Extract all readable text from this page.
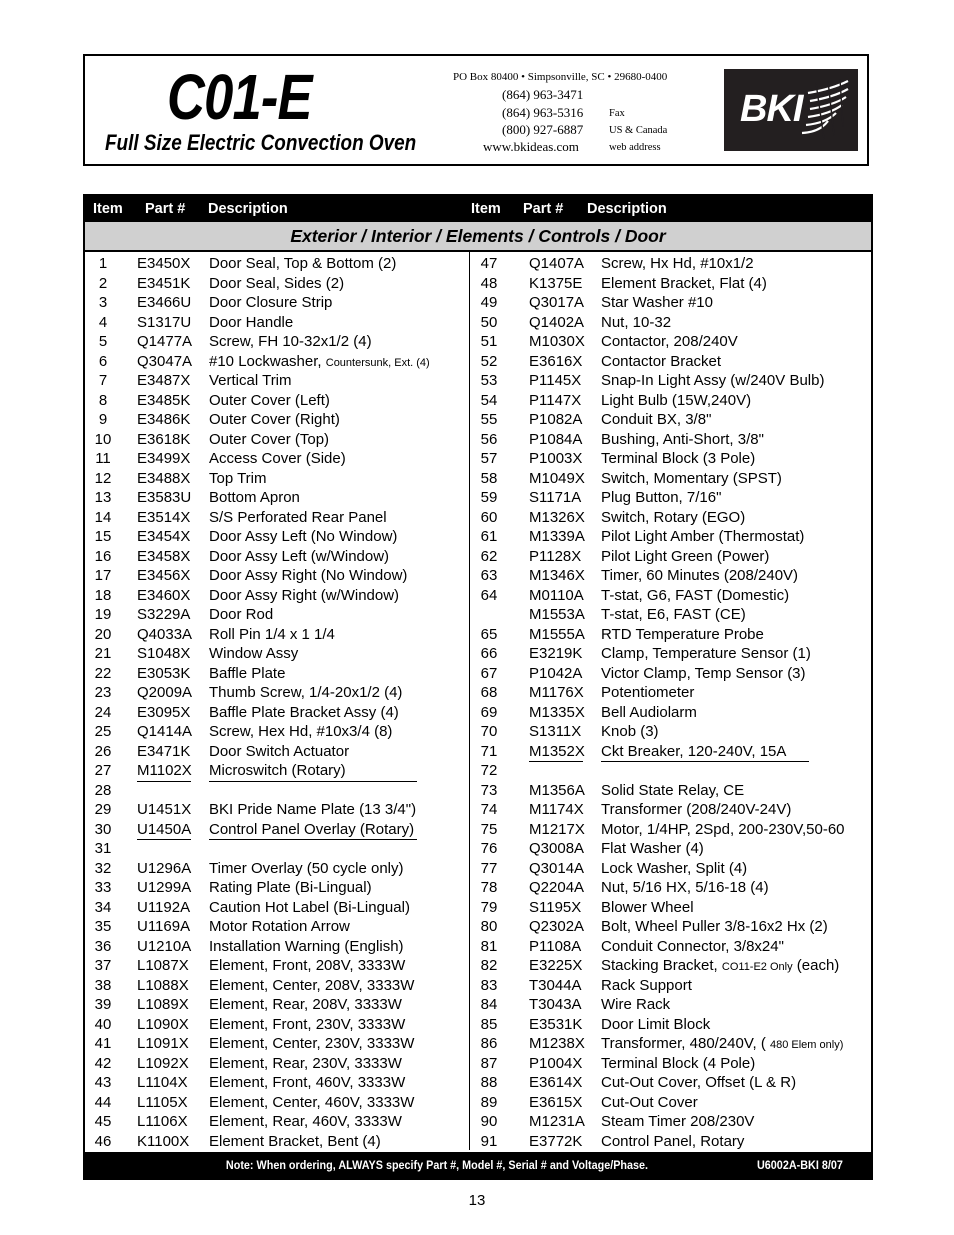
C01-E
Full Size Electric Convection Oven
PO Box 80400 • Simpsonville, SC • 29680-0400
(864) 963-3471
(864) 963-5316 Fax
(800) 927-6887 US & Canada
www.bkideas.com	web address
BKI
Item Part # Description	Item Part # Description
Exterior / Interior / Elements / Controls / Door
1	E3450X Door Seal, Top & Bottom (2)
2	E3451K Door Seal, Sides (2)
3	E3466U Door Closure Strip
4	S1317U Door Handle
5	Q1477A Screw, FH 10-32x1/2 (4)
6	Q3047A #10 Lockwasher, Countersunk, Ext. (4)
7	E3487X Vertical Trim
8	E3485K Outer Cover (Left)
9	E3486K Outer Cover (Right)
10	E3618K Outer Cover (Top)
11	E3499X Access Cover (Side)
12	E3488X Top Trim
13	E3583U Bottom Apron
14	E3514X S/S Perforated Rear Panel
15	E3454X Door Assy Left (No Window)
16	E3458X Door Assy Left (w/Window)
17	E3456X Door Assy Right (No Window)
18	E3460X Door Assy Right (w/Window)
19	S3229A Door Rod
20	Q4033A Roll Pin 1/4 x 1 1/4
21	S1048X Window Assy
22	E3053K Baffle Plate
23	Q2009A Thumb Screw, 1/4-20x1/2 (4)
24	E3095X Baffle Plate Bracket Assy (4)
25	Q1414A Screw, Hex Hd, #10x3/4 (8)
26	E3471K Door Switch Actuator
27	M1102X Microswitch (Rotary)
28
29	U1451X BKI Pride Name Plate (13 3/4")
30	U1450A Control Panel Overlay (Rotary)
31
32	U1296A Timer Overlay (50 cycle only)
33	U1299A Rating Plate (Bi-Lingual)
34	U1192A Caution Hot Label (Bi-Lingual)
35	U1169A Motor Rotation Arrow
36	U1210A Installation Warning (English)
37	L1087X Element, Front, 208V, 3333W
38	L1088X Element, Center, 208V, 3333W
39	L1089X Element, Rear, 208V, 3333W
40	L1090X Element, Front, 230V, 3333W
41	L1091X Element, Center, 230V, 3333W
42	L1092X Element, Rear, 230V, 3333W
43	L1104X Element, Front, 460V, 3333W
44	L1105X Element, Center, 460V, 3333W
45	L1106X Element, Rear, 460V, 3333W
46	K1100X Element Bracket, Bent (4)
47	Q1407A Screw, Hx Hd, #10x1/2
48	K1375E Element Bracket, Flat (4)
49	Q3017A Star Washer #10
50	Q1402A Nut, 10-32
51	M1030X Contactor, 208/240V
52	E3616X Contactor Bracket
53	P1145X Snap-In Light Assy (w/240V Bulb)
54	P1147X Light Bulb (15W,240V)
55	P1082A Conduit BX, 3/8"
56	P1084A Bushing, Anti-Short, 3/8"
57	P1003X Terminal Block (3 Pole)
58	M1049X Switch, Momentary (SPST)
59	S1171A Plug Button, 7/16"
60	M1326X Switch, Rotary (EGO)
61	M1339A Pilot Light Amber (Thermostat)
62	P1128X Pilot Light Green (Power)
63	M1346X Timer, 60 Minutes (208/240V)
64	M0110A T-stat, G6, FAST (Domestic)
M1553A T-stat, E6, FAST (CE)
65	M1555A RTD Temperature Probe
66	E3219K Clamp, Temperature Sensor (1)
67	P1042A Victor Clamp, Temp Sensor (3)
68	M1176X Potentiometer
69	M1335X Bell Audiolarm
70	S1311X Knob (3)
71	M1352X Ckt Breaker, 120-240V, 15A
72
73	M1356A Solid State Relay, CE
74	M1174X Transformer (208/240V-24V)
75	M1217X Motor, 1/4HP, 2Spd, 200-230V,50-60
76	Q3008A Flat Washer (4)
77	Q3014A Lock Washer, Split (4)
78	Q2204A Nut, 5/16 HX, 5/16-18 (4)
79	S1195X Blower Wheel
80	Q2302A Bolt, Wheel Puller 3/8-16x2 Hx (2)
81	P1108A Conduit Connector, 3/8x24"
82	E3225X Stacking Bracket, CO11-E2 Only (each)
83	T3044A Rack Support
84	T3043A Wire Rack
85	E3531K Door Limit Block
86	M1238X Transformer, 480/240V, ( 480 Elem only)
87	P1004X Terminal Block (4 Pole)
88	E3614X Cut-Out Cover, Offset (L & R)
89	E3615X Cut-Out Cover
90	M1231A Steam Timer 208/230V
91	E3772K Control Panel, Rotary
Note: When ordering, ALWAYS specify Part #, Model #, Serial # and Voltage/Phase.	U6002A-BKI 8/07
13
